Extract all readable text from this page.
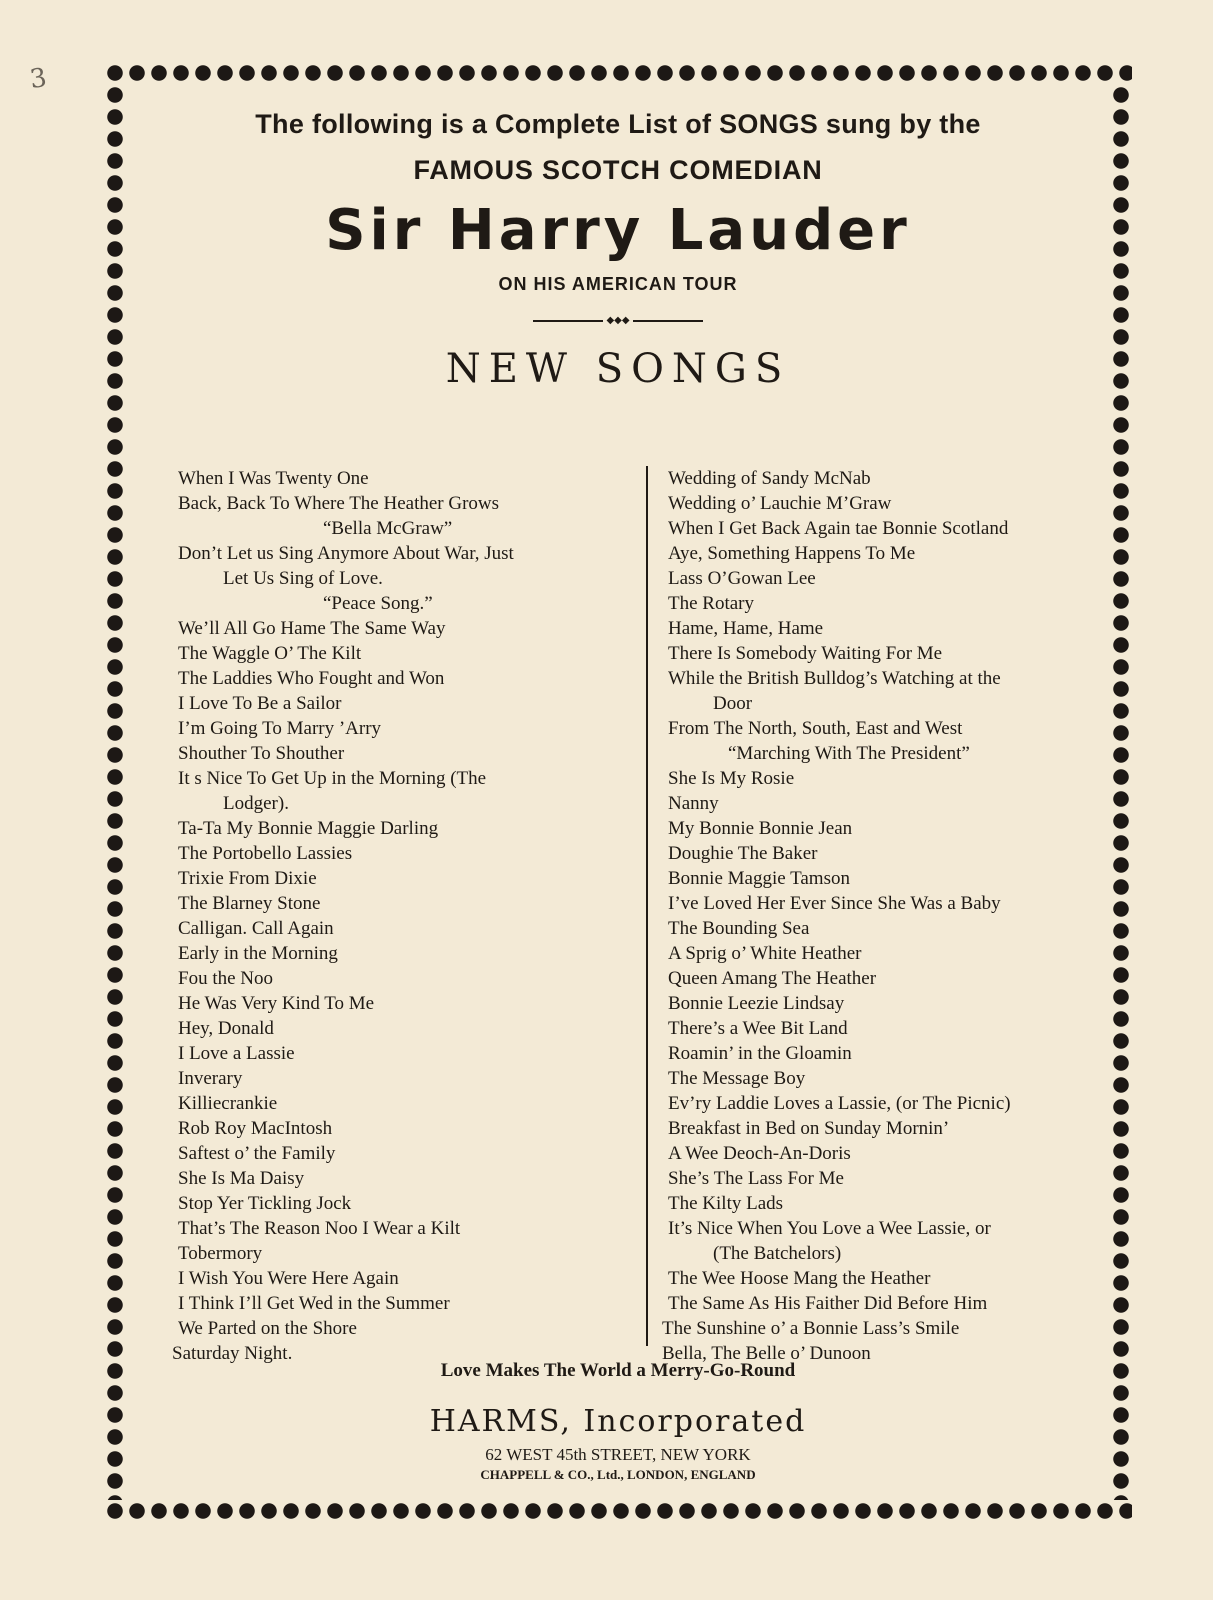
3
The following is a Complete List of SONGS sung by the
FAMOUS SCOTCH COMEDIAN
Sir Harry Lauder
ON HIS AMERICAN TOUR
◆◆◆
NEW SONGS
When I Was Twenty One
Back, Back To Where The Heather Grows
“Bella McGraw”
Don’t Let us Sing Anymore About War, Just
Let Us Sing of Love.
“Peace Song.”
We’ll All Go Hame The Same Way
The Waggle O’ The Kilt
The Laddies Who Fought and Won
I Love To Be a Sailor
I’m Going To Marry ’Arry
Shouther To Shouther
It s Nice To Get Up in the Morning (The
Lodger).
Ta-Ta My Bonnie Maggie Darling
The Portobello Lassies
Trixie From Dixie
The Blarney Stone
Calligan. Call Again
Early in the Morning
Fou the Noo
He Was Very Kind To Me
Hey, Donald
I Love a Lassie
Inverary
Killiecrankie
Rob Roy MacIntosh
Saftest o’ the Family
She Is Ma Daisy
Stop Yer Tickling Jock
That’s The Reason Noo I Wear a Kilt
Tobermory
I Wish You Were Here Again
I Think I’ll Get Wed in the Summer
We Parted on the Shore
Saturday Night.
Wedding of Sandy McNab
Wedding o’ Lauchie M’Graw
When I Get Back Again tae Bonnie Scotland
Aye, Something Happens To Me
Lass O’Gowan Lee
The Rotary
Hame, Hame, Hame
There Is Somebody Waiting For Me
While the British Bulldog’s Watching at the
Door
From The North, South, East and West
“Marching With The President”
She Is My Rosie
Nanny
My Bonnie Bonnie Jean
Doughie The Baker
Bonnie Maggie Tamson
I’ve Loved Her Ever Since She Was a Baby
The Bounding Sea
A Sprig o’ White Heather
Queen Amang The Heather
Bonnie Leezie Lindsay
There’s a Wee Bit Land
Roamin’ in the Gloamin
The Message Boy
Ev’ry Laddie Loves a Lassie, (or The Picnic)
Breakfast in Bed on Sunday Mornin’
A Wee Deoch-An-Doris
She’s The Lass For Me
The Kilty Lads
It’s Nice When You Love a Wee Lassie, or
(The Batchelors)
The Wee Hoose Mang the Heather
The Same As His Faither Did Before Him
The Sunshine o’ a Bonnie Lass’s Smile
Bella, The Belle o’ Dunoon
Love Makes The World a Merry-Go-Round
HARMS, Incorporated
62 WEST 45th STREET, NEW YORK
CHAPPELL & CO., Ltd., LONDON, ENGLAND
